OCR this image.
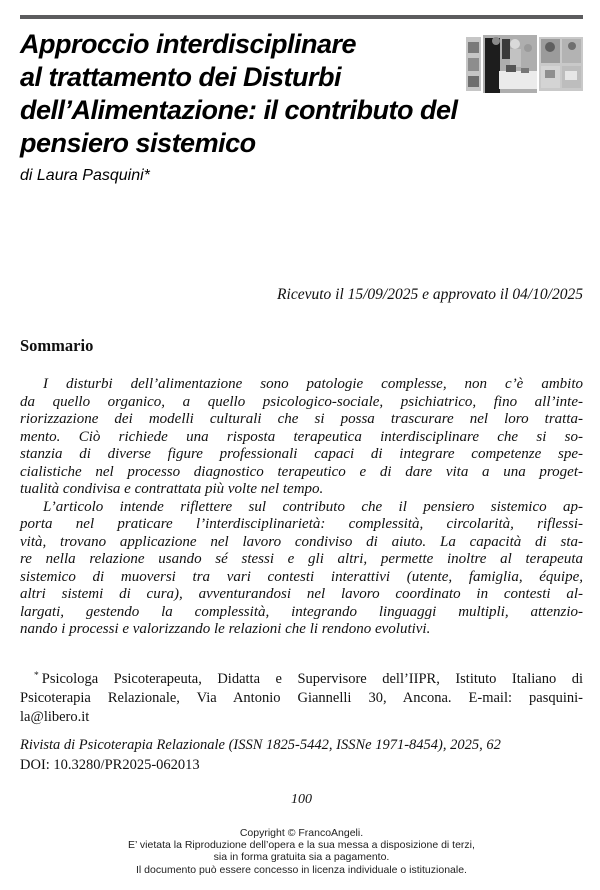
Approccio interdisciplinare
al trattamento dei Disturbi
dell’Alimentazione: il contributo del
pensiero sistemico
di Laura Pasquini*
Ricevuto il 15/09/2025 e approvato il 04/10/2025
Sommario
I disturbi dell’alimentazione sono patologie complesse, non c’è ambito
da quello organico, a quello psicologico-sociale, psichiatrico, fino all’inte-
riorizzazione dei modelli culturali che si possa trascurare nel loro tratta-
mento. Ciò richiede una risposta terapeutica interdisciplinare che si so-
stanzia di diverse figure professionali capaci di integrare competenze spe-
cialistiche nel processo diagnostico terapeutico e di dare vita a una proget-
tualità condivisa e contrattata più volte nel tempo.
L’articolo intende riflettere sul contributo che il pensiero sistemico ap-
porta nel praticare l’interdisciplinarietà: complessità, circolarità, riflessi-
vità, trovano applicazione nel lavoro condiviso di aiuto. La capacità di sta-
re nella relazione usando sé stessi e gli altri, permette inoltre al terapeuta
sistemico di muoversi tra vari contesti interattivi (utente, famiglia, équipe,
altri sistemi di cura), avventurandosi nel lavoro coordinato in contesti al-
largati, gestendo la complessità, integrando linguaggi multipli, attenzio-
nando i processi e valorizzando le relazioni che li rendono evolutivi.
* Psicologa Psicoterapeuta, Didatta e Supervisore dell’IIPR, Istituto Italiano di
Psicoterapia Relazionale, Via Antonio Giannelli 30, Ancona. E-mail: pasquini-
la@libero.it
Rivista di Psicoterapia Relazionale (ISSN 1825-5442, ISSNe 1971-8454), 2025, 62
DOI: 10.3280/PR2025-062013
100
Copyright © FrancoAngeli.
E’ vietata la Riproduzione dell’opera e la sua messa a disposizione di terzi,
sia in forma gratuita sia a pagamento.
Il documento può essere concesso in licenza individuale o istituzionale.
